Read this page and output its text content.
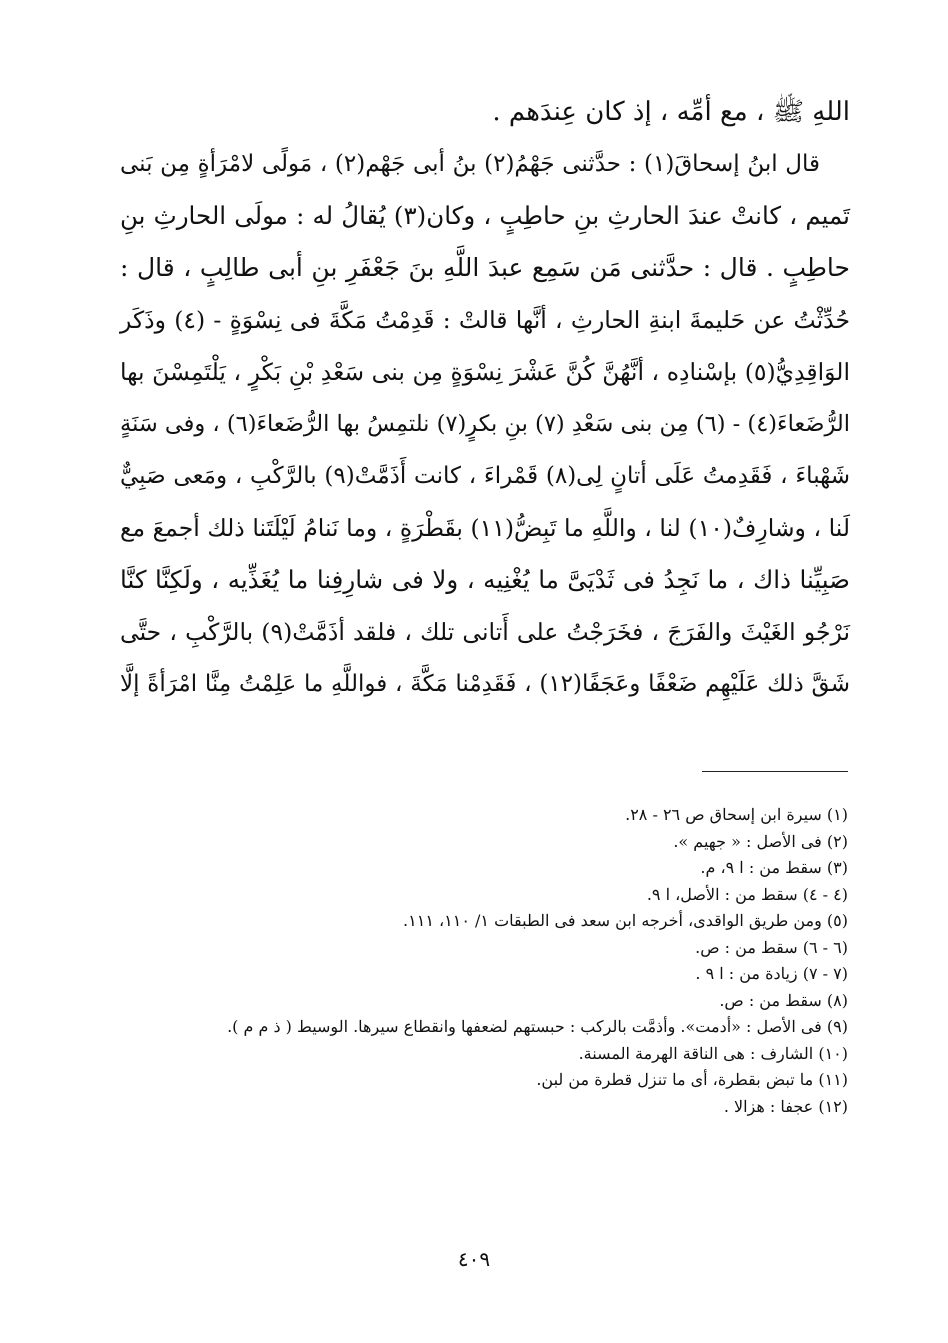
اللهِ ﷺ ، مع أمِّه ، إذ كان عِندَهم .
قال ابنُ إسحاقَ(١) : حدَّثنى جَهْمُ(٢) بنُ أبى جَهْم(٢) ، مَولًى لامْرَأةٍ مِن بَنى
تَميم ، كانتْ عندَ الحارثِ بنِ حاطِبٍ ، وكان(٣) يُقالُ له : مولَى الحارثِ بنِ
حاطِبٍ . قال : حدَّثنى مَن سَمِع عبدَ اللَّهِ بنَ جَعْفَرِ بنِ أبى طالِبٍ ، قال :
حُدِّثْتُ عن حَليمةَ ابنةِ الحارثِ ، أنَّها قالتْ : قَدِمْتُ مَكَّةَ فى نِسْوَةٍ - (٤) وذَكَر
الوَاقِدِيُّ(٥) بإسْنادِه ، أنَّهُنَّ كُنَّ عَشْرَ نِسْوَةٍ مِن بنى سَعْدِ بْنِ بَكْرٍ ، يَلْتَمِسْنَ بها
الرُّضَعاءَ(٤) - (٦) مِن بنى سَعْدِ (٧) بنِ بكرٍ(٧) نلتمِسُ بها الرُّضَعاءَ(٦) ، وفى سَنَةٍ
شَهْباءَ ، فَقَدِمتُ عَلَى أتانٍ لِى(٨) قَمْراءَ ، كانت أَذَمَّتْ(٩) بالرَّكْبِ ، ومَعى صَبِيٌّ
لَنا ، وشارِفٌ(١٠) لنا ، واللَّهِ ما تَبِضُّ(١١) بقَطْرَةٍ ، وما نَنامُ لَيْلَتَنا ذلك أجمعَ مع
صَبِيِّنا ذاك ، ما نَجِدُ فى ثَدْيَىَّ ما يُغْنِيه ، ولا فى شارِفِنا ما يُغَذِّيه ، ولَكِنَّا كنَّا
نَرْجُو الغَيْثَ والفَرَجَ ، فخَرَجْتُ على أَتانى تلك ، فلقد أذَمَّتْ(٩) بالرَّكْبِ ، حتَّى
شَقَّ ذلك عَلَيْهِم ضَعْفًا وعَجَفًا(١٢) ، فَقَدِمْنا مَكَّةَ ، فواللَّهِ ما عَلِمْتُ مِنَّا امْرَأةً إلَّا
(١) سيرة ابن إسحاق ص ٢٦ - ٢٨.
(٢) فى الأصل : « جهيم ».
(٣) سقط من : ا ٩، م.
(٤ - ٤) سقط من : الأصل، ا ٩.
(٥) ومن طريق الواقدى، أخرجه ابن سعد فى الطبقات ١/ ١١٠، ١١١.
(٦ - ٦) سقط من : ص.
(٧ - ٧) زيادة من : ا ٩ .
(٨) سقط من : ص.
(٩) فى الأصل : «أدمت». وأذمَّت بالركب : حبستهم لضعفها وانقطاع سيرها. الوسيط ( ذ م م ).
(١٠) الشارف : هى الناقة الهرمة المسنة.
(١١) ما تبض بقطرة، أى ما تنزل قطرة من لبن.
(١٢) عجفا : هزالا .
٤٠٩
